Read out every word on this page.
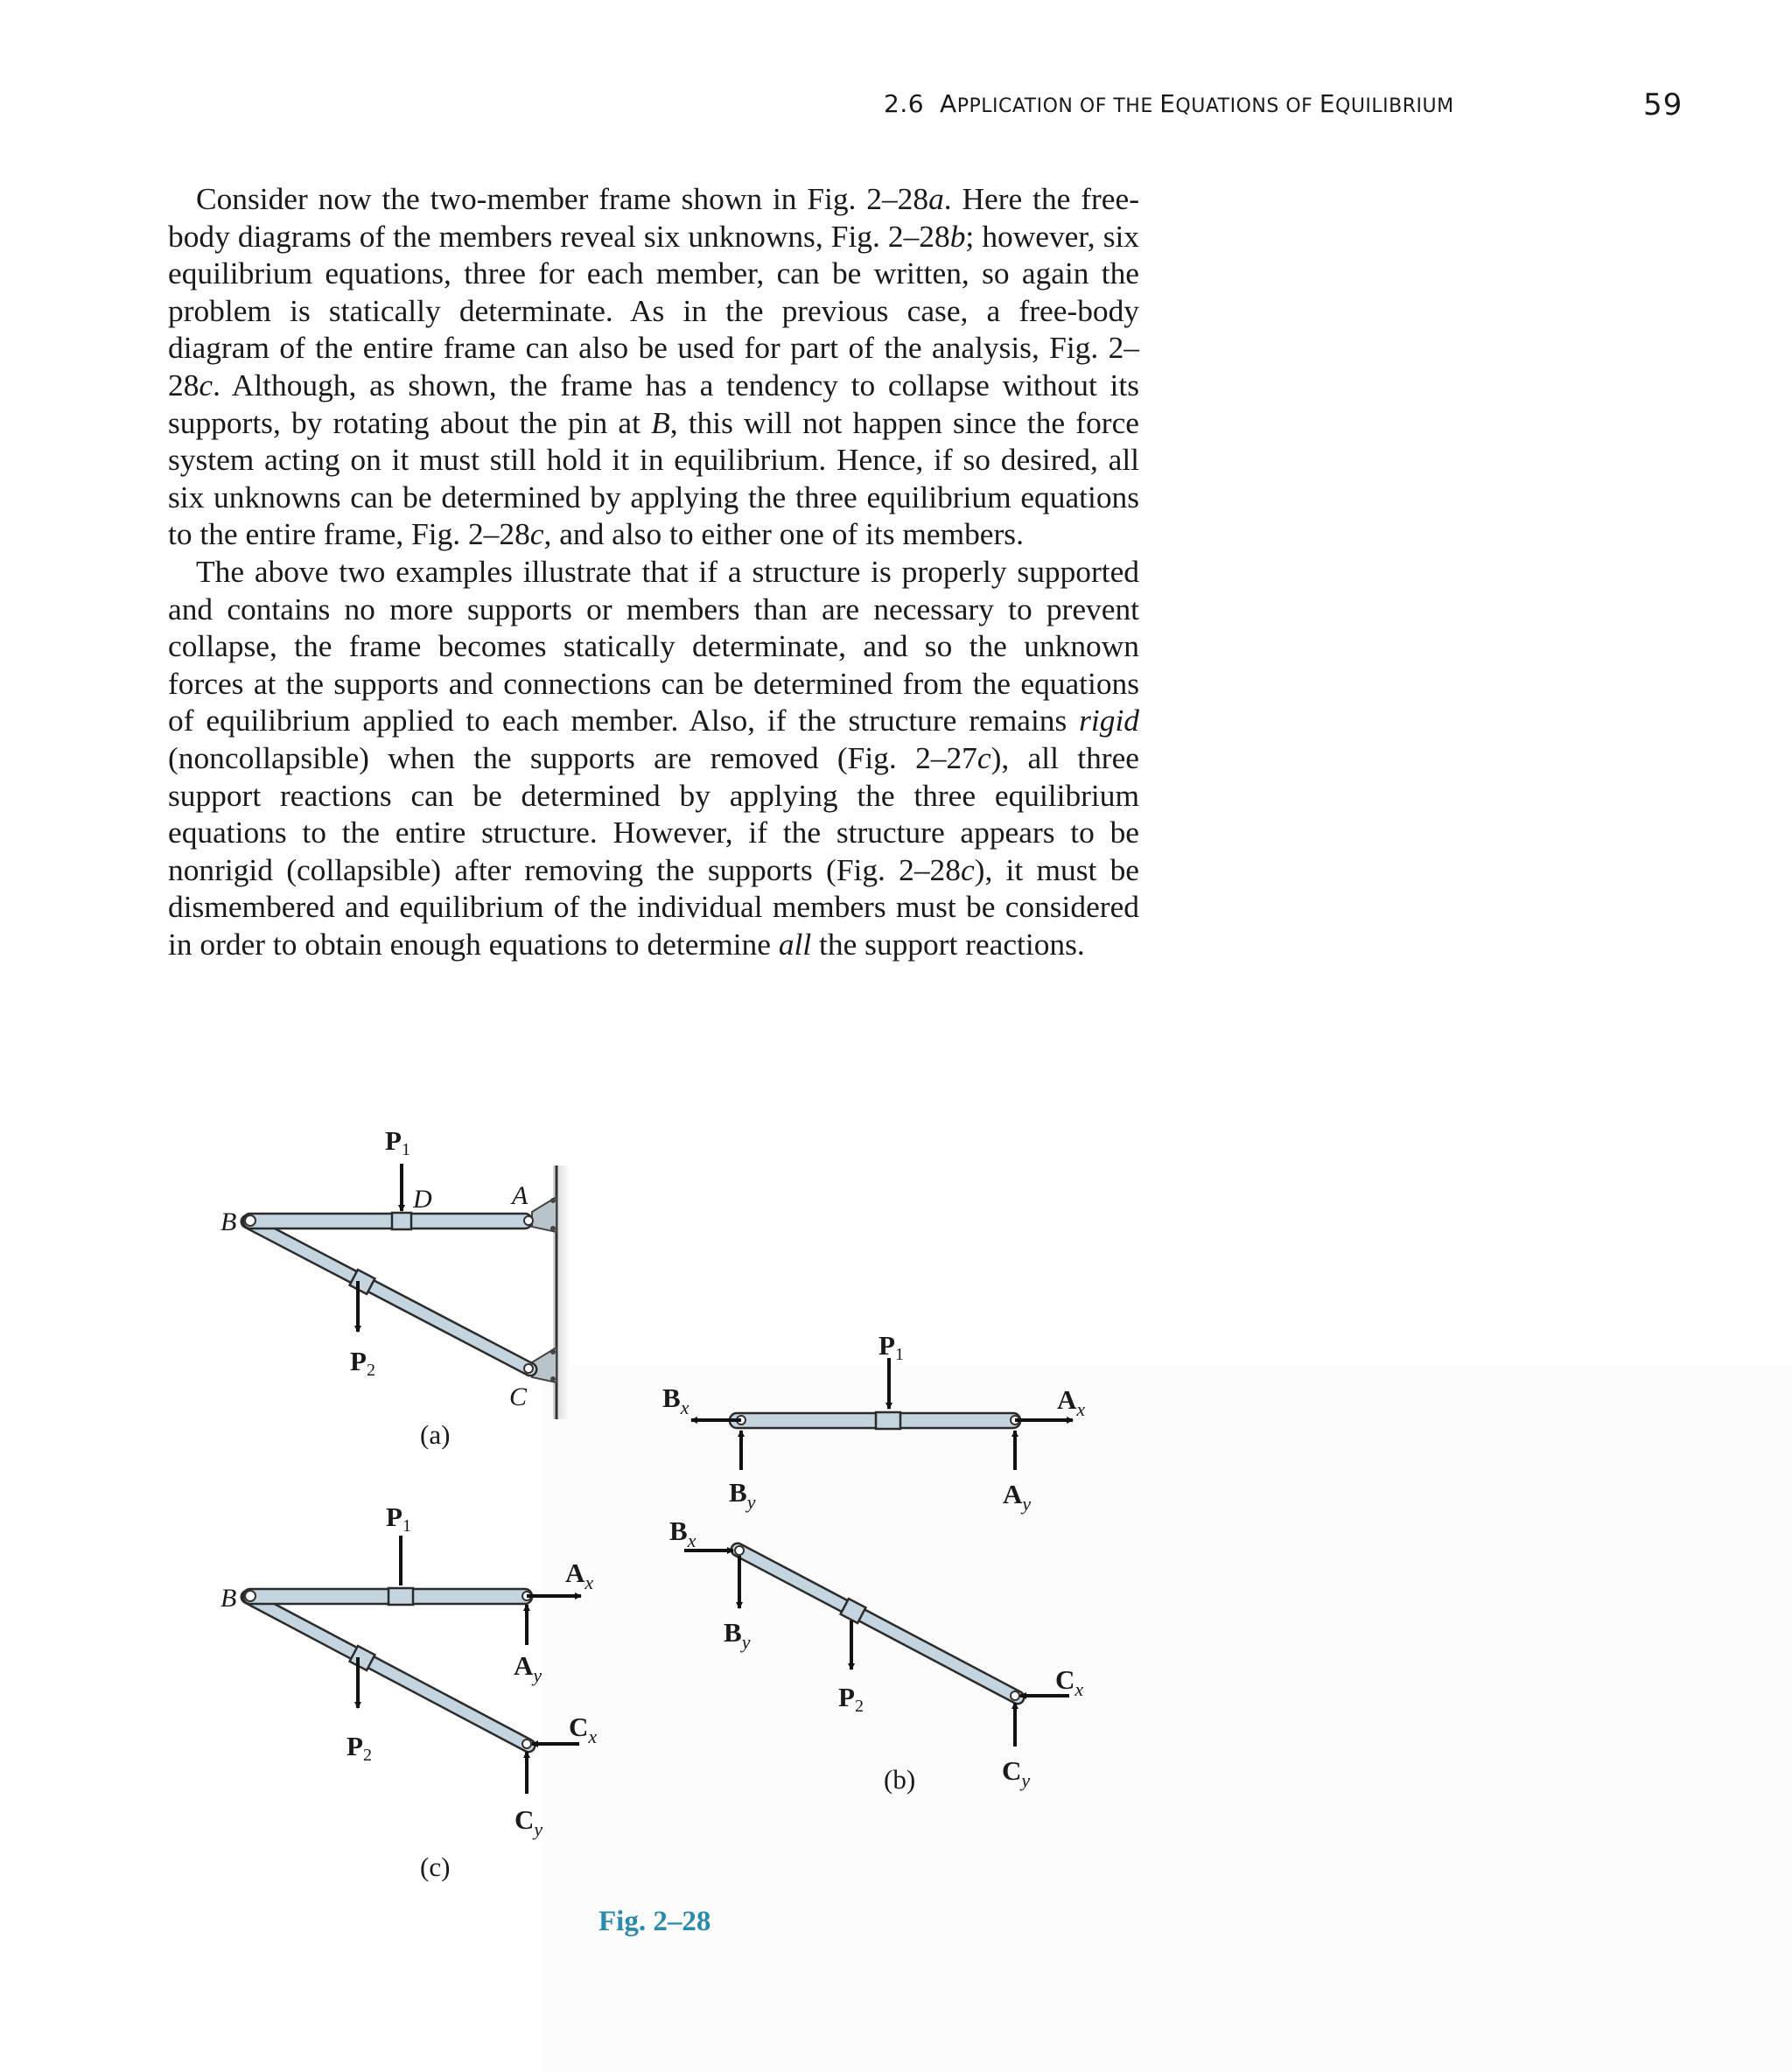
2.6 APPLICATION OF THE EQUATIONS OF EQUILIBRIUM	59

Consider now the two-member frame shown in Fig. 2–28a. Here the free-body diagrams of the members reveal six unknowns, Fig. 2–28b; however, six equilibrium equations, three for each member, can be written, so again the problem is statically determinate. As in the previous case, a free-body diagram of the entire frame can also be used for part of the analysis, Fig. 2–28c. Although, as shown, the frame has a tendency to collapse without its supports, by rotating about the pin at B, this will not happen since the force system acting on it must still hold it in equilibrium. Hence, if so desired, all six unknowns can be determined by applying the three equilibrium equations to the entire frame, Fig. 2–28c, and also to either one of its members.

The above two examples illustrate that if a structure is properly supported and contains no more supports or members than are necessary to prevent collapse, the frame becomes statically determinate, and so the unknown forces at the supports and connections can be determined from the equations of equilibrium applied to each member. Also, if the structure remains rigid (noncollapsible) when the supports are removed (Fig. 2–27c), all three support reactions can be determined by applying the three equilibrium equations to the entire structure. However, if the structure appears to be nonrigid (collapsible) after removing the supports (Fig. 2–28c), it must be dismembered and equilibrium of the individual members must be considered in order to obtain enough equations to determine all the support reactions.

P1
P2
B
D	A
C
(a)
P1
$B_x$	$A_x$
$B_y$	$A_y$
$B_x$
$B_y$
P2
$C_x$
$C_y$
(b)
P1
B
P2
$A_x$
$A_y$
$C_x$
$C_y$
(c)
Fig. 2–28
